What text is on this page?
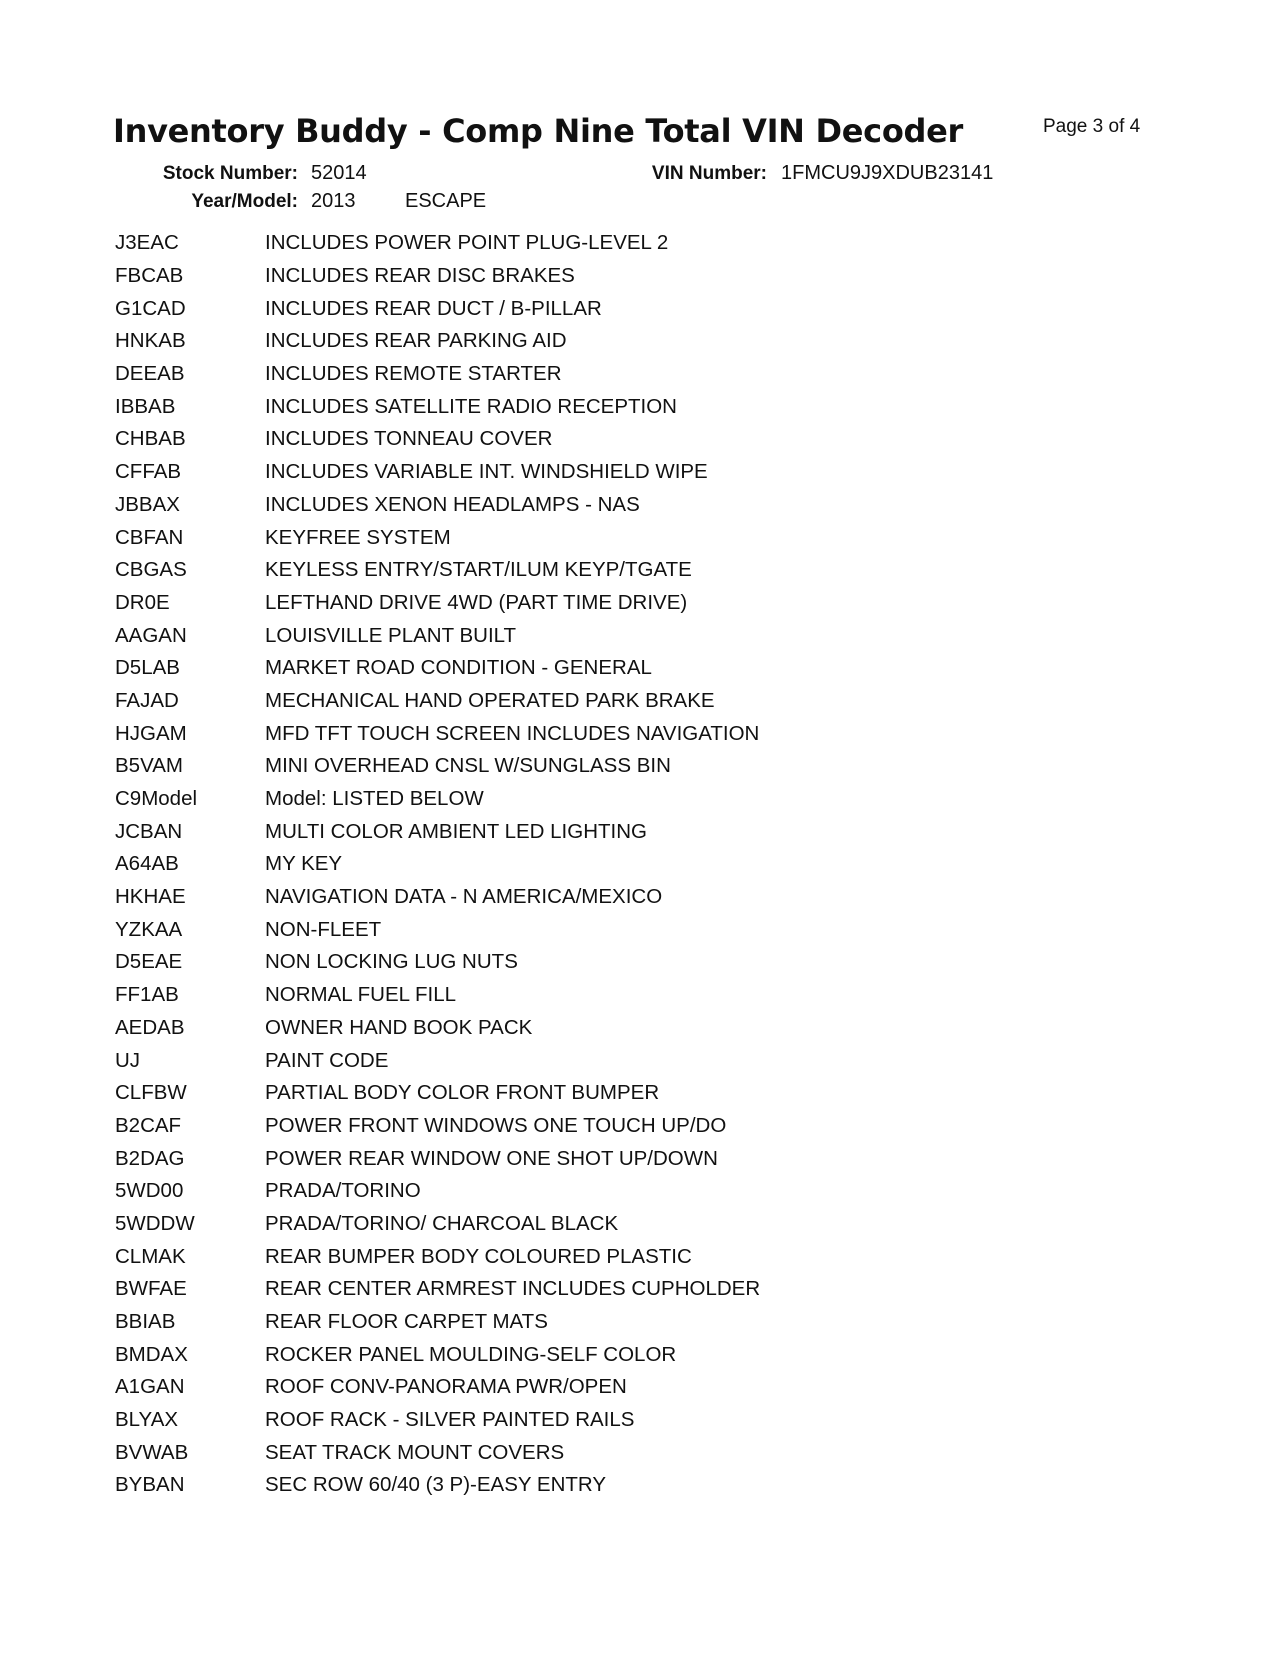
Inventory Buddy - Comp Nine Total VIN Decoder	Page 3 of 4
Stock Number: 52014	VIN Number: 1FMCU9J9XDUB23141
Year/Model: 2013 ESCAPE
J3EAC	INCLUDES POWER POINT PLUG-LEVEL 2
FBCAB	INCLUDES REAR DISC BRAKES
G1CAD	INCLUDES REAR DUCT / B-PILLAR
HNKAB	INCLUDES REAR PARKING AID
DEEAB	INCLUDES REMOTE STARTER
IBBAB	INCLUDES SATELLITE RADIO RECEPTION
CHBAB	INCLUDES TONNEAU COVER
CFFAB	INCLUDES VARIABLE INT. WINDSHIELD WIPE
JBBAX	INCLUDES XENON HEADLAMPS - NAS
CBFAN	KEYFREE SYSTEM
CBGAS	KEYLESS ENTRY/START/ILUM KEYP/TGATE
DR0E	LEFTHAND DRIVE 4WD (PART TIME DRIVE)
AAGAN	LOUISVILLE PLANT BUILT
D5LAB	MARKET ROAD CONDITION - GENERAL
FAJAD	MECHANICAL HAND OPERATED PARK BRAKE
HJGAM	MFD TFT TOUCH SCREEN INCLUDES NAVIGATION
B5VAM	MINI OVERHEAD CNSL W/SUNGLASS BIN
C9Model	Model: LISTED BELOW
JCBAN	MULTI COLOR AMBIENT LED LIGHTING
A64AB	MY KEY
HKHAE	NAVIGATION DATA - N AMERICA/MEXICO
YZKAA	NON-FLEET
D5EAE	NON LOCKING LUG NUTS
FF1AB	NORMAL FUEL FILL
AEDAB	OWNER HAND BOOK PACK
UJ	PAINT CODE
CLFBW	PARTIAL BODY COLOR FRONT BUMPER
B2CAF	POWER FRONT WINDOWS ONE TOUCH UP/DO
B2DAG	POWER REAR WINDOW ONE SHOT UP/DOWN
5WD00	PRADA/TORINO
5WDDW	PRADA/TORINO/ CHARCOAL BLACK
CLMAK	REAR BUMPER BODY COLOURED PLASTIC
BWFAE	REAR CENTER ARMREST INCLUDES CUPHOLDER
BBIAB	REAR FLOOR CARPET MATS
BMDAX	ROCKER PANEL MOULDING-SELF COLOR
A1GAN	ROOF CONV-PANORAMA PWR/OPEN
BLYAX	ROOF RACK - SILVER PAINTED RAILS
BVWAB	SEAT TRACK MOUNT COVERS
BYBAN	SEC ROW 60/40 (3 P)-EASY ENTRY
